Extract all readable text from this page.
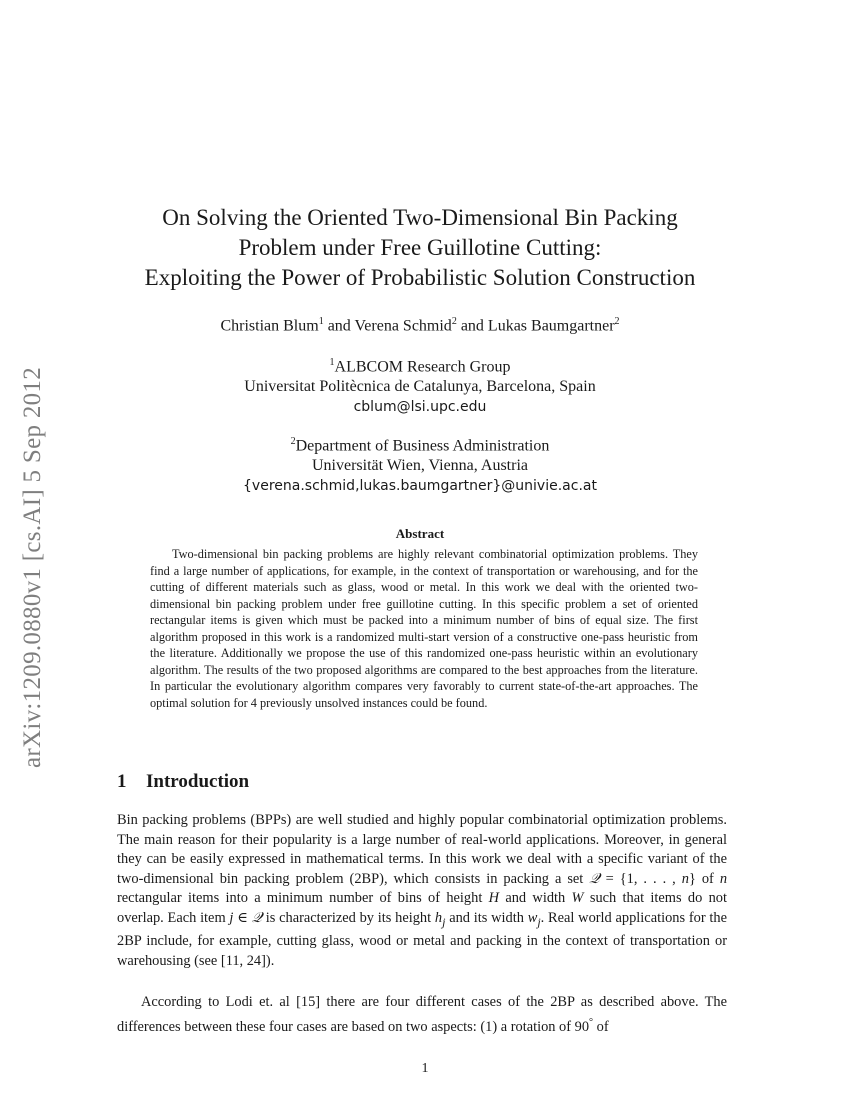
arXiv:1209.0880v1 [cs.AI] 5 Sep 2012
On Solving the Oriented Two-Dimensional Bin Packing
Problem under Free Guillotine Cutting:
Exploiting the Power of Probabilistic Solution Construction
Christian Blum$^1$ and Verena Schmid$^2$ and Lukas Baumgartner$^2$
$^1$ALBCOM Research Group
Universitat Politècnica de Catalunya, Barcelona, Spain
cblum@lsi.upc.edu
$^2$Department of Business Administration
Universität Wien, Vienna, Austria
{verena.schmid,lukas.baumgartner}@univie.ac.at
Abstract

Two-dimensional bin packing problems are highly relevant combinatorial optimization problems. They find a large number of applications, for example, in the context of transportation or warehousing, and for the cutting of different materials such as glass, wood or metal. In this work we deal with the oriented two-dimensional bin packing problem under free guillotine cutting. In this specific problem a set of oriented rectangular items is given which must be packed into a minimum number of bins of equal size. The first algorithm proposed in this work is a randomized multi-start version of a constructive one-pass heuristic from the literature. Additionally we propose the use of this randomized one-pass heuristic within an evolutionary algorithm. The results of the two proposed algorithms are compared to the best approaches from the literature. In particular the evolutionary algorithm compares very favorably to current state-of-the-art approaches. The optimal solution for 4 previously unsolved instances could be found.

1 Introduction

Bin packing problems (BPPs) are well studied and highly popular combinatorial optimization problems. The main reason for their popularity is a large number of real-world applications. Moreover, in general they can be easily expressed in mathematical terms. In this work we deal with a specific variant of the two-dimensional bin packing problem (2BP), which consists in packing a set 𝒬 = {1, . . . , n} of n rectangular items into a minimum number of bins of height H and width W such that items do not overlap. Each item j ∈ 𝒬 is characterized by its height $h_j$ and its width $w_j$. Real world applications for the 2BP include, for example, cutting glass, wood or metal and packing in the context of transportation or warehousing (see [11, 24]).

According to Lodi et. al [15] there are four different cases of the 2BP as described above. The differences between these four cases are based on two aspects: (1) a rotation of 90° of

1
